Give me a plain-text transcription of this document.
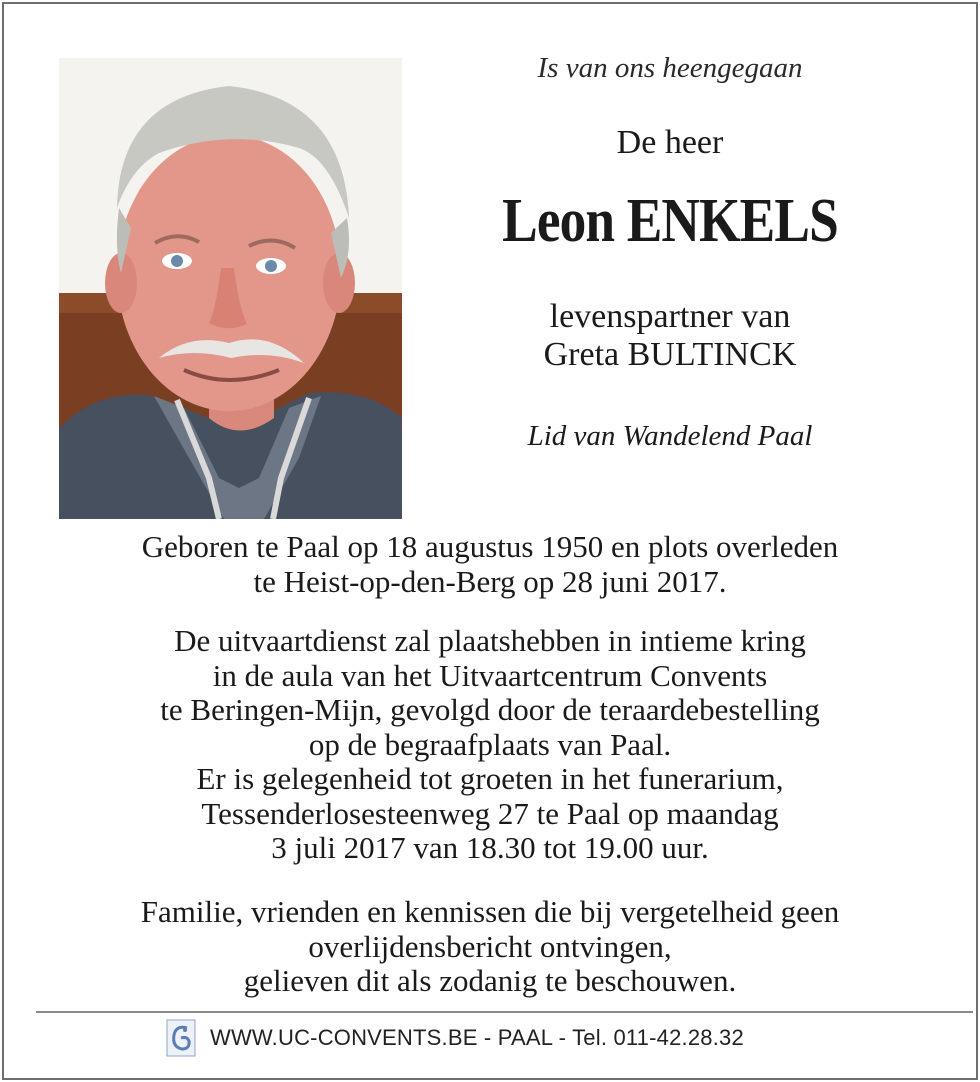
Is van ons heengegaan
De heer
Leon ENKELS
levenspartner van
Greta BULTINCK
Lid van Wandelend Paal
Geboren te Paal op 18 augustus 1950 en plots overleden
te Heist-op-den-Berg op 28 juni 2017.
De uitvaartdienst zal plaatshebben in intieme kring
in de aula van het Uitvaartcentrum Convents
te Beringen-Mijn, gevolgd door de teraardebestelling
op de begraafplaats van Paal.
Er is gelegenheid tot groeten in het funerarium,
Tessenderlosesteenweg 27 te Paal op maandag
3 juli 2017 van 18.30 tot 19.00 uur.
Familie, vrienden en kennissen die bij vergetelheid geen
overlijdensbericht ontvingen,
gelieven dit als zodanig te beschouwen.
WWW.UC-CONVENTS.BE - PAAL - Tel. 011-42.28.32
